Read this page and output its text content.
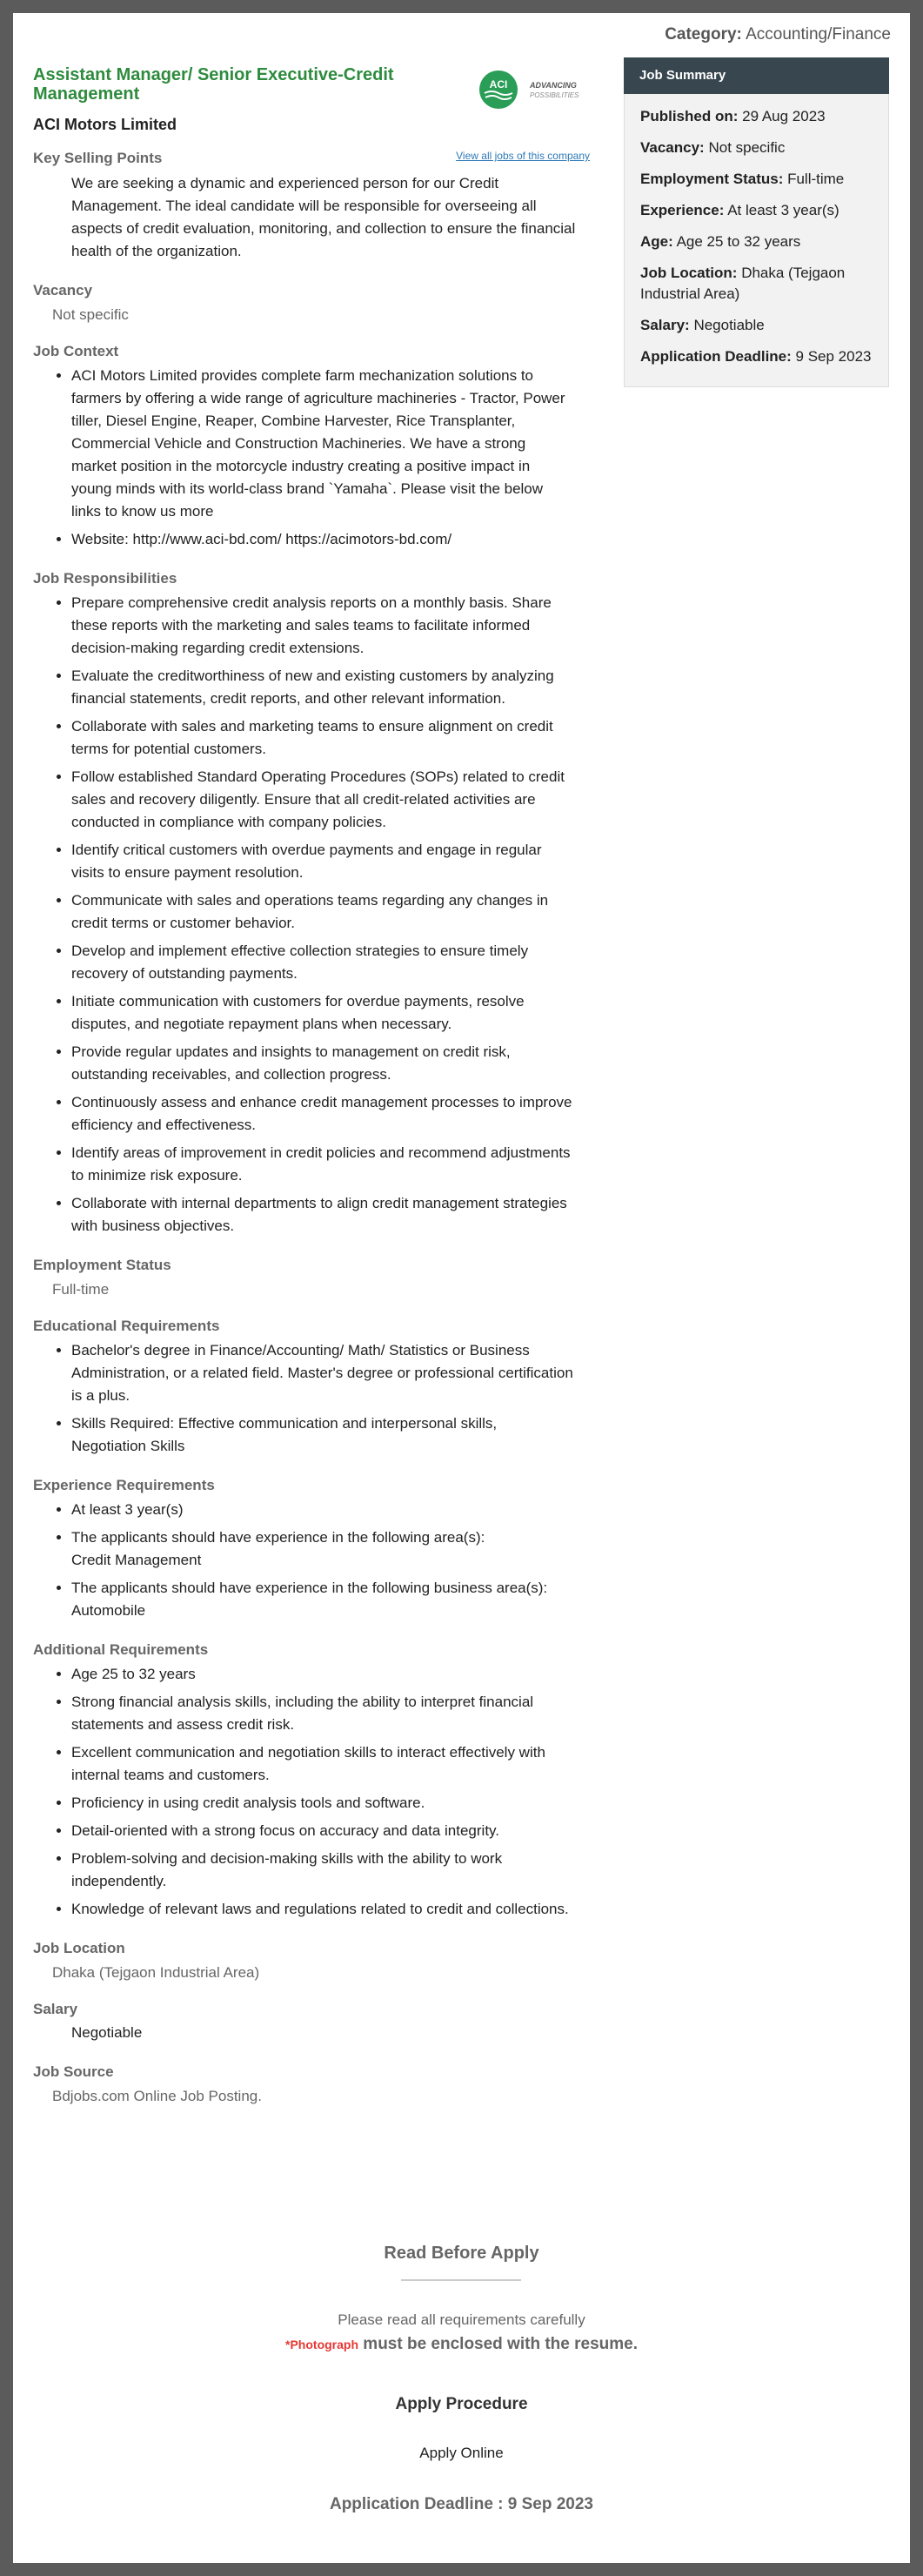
Category: Accounting/Finance
Assistant Manager/ Senior Executive-Credit Management
ACI Motors Limited
ACI	ADVANCING
POSSIBILITIES
View all jobs of this company
Key Selling Points
We are seeking a dynamic and experienced person for our Credit Management. The ideal candidate will be responsible for overseeing all aspects of credit evaluation, monitoring, and collection to ensure the financial health of the organization.
Vacancy
Not specific
Job Context
• ACI Motors Limited provides complete farm mechanization solutions to farmers by offering a wide range of agriculture machineries - Tractor, Power tiller, Diesel Engine, Reaper, Combine Harvester, Rice Transplanter, Commercial Vehicle and Construction Machineries. We have a strong market position in the motorcycle industry creating a positive impact in young minds with its world-class brand `Yamaha`. Please visit the below links to know us more
• Website: http://www.aci-bd.com/ https://acimotors-bd.com/
Job Responsibilities
• Prepare comprehensive credit analysis reports on a monthly basis. Share these reports with the marketing and sales teams to facilitate informed decision-making regarding credit extensions.
• Evaluate the creditworthiness of new and existing customers by analyzing financial statements, credit reports, and other relevant information.
• Collaborate with sales and marketing teams to ensure alignment on credit terms for potential customers.
• Follow established Standard Operating Procedures (SOPs) related to credit sales and recovery diligently. Ensure that all credit-related activities are conducted in compliance with company policies.
• Identify critical customers with overdue payments and engage in regular visits to ensure payment resolution.
• Communicate with sales and operations teams regarding any changes in credit terms or customer behavior.
• Develop and implement effective collection strategies to ensure timely recovery of outstanding payments.
• Initiate communication with customers for overdue payments, resolve disputes, and negotiate repayment plans when necessary.
• Provide regular updates and insights to management on credit risk, outstanding receivables, and collection progress.
• Continuously assess and enhance credit management processes to improve efficiency and effectiveness.
• Identify areas of improvement in credit policies and recommend adjustments to minimize risk exposure.
• Collaborate with internal departments to align credit management strategies with business objectives.
Employment Status
Full-time
Educational Requirements
• Bachelor's degree in Finance/Accounting/ Math/ Statistics or Business Administration, or a related field. Master's degree or professional certification is a plus.
• Skills Required: Effective communication and interpersonal skills, Negotiation Skills
Experience Requirements
• At least 3 year(s)
• The applicants should have experience in the following area(s):
Credit Management
• The applicants should have experience in the following business area(s):
Automobile
Additional Requirements
• Age 25 to 32 years
• Strong financial analysis skills, including the ability to interpret financial statements and assess credit risk.
• Excellent communication and negotiation skills to interact effectively with internal teams and customers.
• Proficiency in using credit analysis tools and software.
• Detail-oriented with a strong focus on accuracy and data integrity.
• Problem-solving and decision-making skills with the ability to work independently.
• Knowledge of relevant laws and regulations related to credit and collections.
Job Location
Dhaka (Tejgaon Industrial Area)
Salary
Negotiable
Job Source
Bdjobs.com Online Job Posting.
Job Summary
Published on: 29 Aug 2023
Vacancy: Not specific
Employment Status: Full-time
Experience: At least 3 year(s)
Age: Age 25 to 32 years
Job Location: Dhaka (Tejgaon Industrial Area)
Salary: Negotiable
Application Deadline: 9 Sep 2023
Read Before Apply
Please read all requirements carefully
*Photograph must be enclosed with the resume.
Apply Procedure
Apply Online
Application Deadline : 9 Sep 2023
